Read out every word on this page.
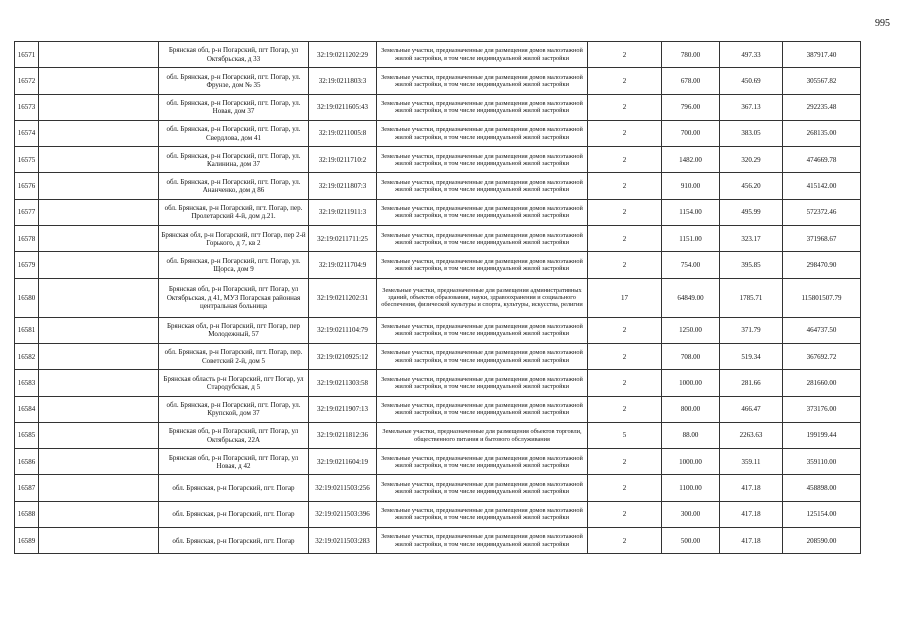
995
16571		Брянская обл, р-н Погарский, пгт Погар, ул Октябрьская, д 33	32:19:0211202:29	Земельные участки, предназначенные для размещения домов малоэтажной жилой застройки, в том числе индивидуальной жилой застройки	2	780.00	497.33	387917.40
16572		обл. Брянская, р-н Погарский, пгт. Погар, ул. Фрунзе, дом № 35	32:19:0211803:3	Земельные участки, предназначенные для размещения домов малоэтажной жилой застройки, в том числе индивидуальной жилой застройки	2	678.00	450.69	305567.82
16573		обл. Брянская, р-н Погарский, пгт. Погар, ул. Новая, дом 37	32:19:0211605:43	Земельные участки, предназначенные для размещения домов малоэтажной жилой застройки, в том числе индивидуальной жилой застройки	2	796.00	367.13	292235.48
16574		обл. Брянская, р-н Погарский, пгт. Погар, ул. Свердлова, дом 41	32:19:0211005:8	Земельные участки, предназначенные для размещения домов малоэтажной жилой застройки, в том числе индивидуальной жилой застройки	2	700.00	383.05	268135.00
16575		обл. Брянская, р-н Погарский, пгт. Погар, ул. Калинина, дом 37	32:19:0211710:2	Земельные участки, предназначенные для размещения домов малоэтажной жилой застройки, в том числе индивидуальной жилой застройки	2	1482.00	320.29	474669.78
16576		обл. Брянская, р-н Погарский, пгт. Погар, ул. Ананченко, дом д 86	32:19:0211807:3	Земельные участки, предназначенные для размещения домов малоэтажной жилой застройки, в том числе индивидуальной жилой застройки	2	910.00	456.20	415142.00
16577		обл. Брянская, р-н Погарский, пгт. Погар, пер. Пролетарский 4-й, дом д.21.	32:19:0211911:3	Земельные участки, предназначенные для размещения домов малоэтажной жилой застройки, в том числе индивидуальной жилой застройки	2	1154.00	495.99	572372.46
16578		Брянская обл, р-н Погарский, пгт Погар, пер 2-й Горького, д 7, кв 2	32:19:0211711:25	Земельные участки, предназначенные для размещения домов малоэтажной жилой застройки, в том числе индивидуальной жилой застройки	2	1151.00	323.17	371968.67
16579		обл. Брянская, р-н Погарский, пгт. Погар, ул. Щорса, дом 9	32:19:0211704:9	Земельные участки, предназначенные для размещения домов малоэтажной жилой застройки, в том числе индивидуальной жилой застройки	2	754.00	395.85	298470.90
16580		Брянская обл, р-н Погарский, пгт Погар, ул Октябрьская, д 41, МУЗ Погарская районная центральная больница	32:19:0211202:31	Земельные участки, предназначенные для размещения административных зданий, объектов образования, науки, здравоохранения и социального обеспечения, физической культуры и спорта, культуры, искусства, религии	17	64849.00	1785.71	115801507.79
16581		Брянская обл, р-н Погарский, пгт Погар, пер Молодежный, 57	32:19:0211104:79	Земельные участки, предназначенные для размещения домов малоэтажной жилой застройки, в том числе индивидуальной жилой застройки	2	1250.00	371.79	464737.50
16582		обл. Брянская, р-н Погарский, пгт. Погар, пер. Советский 2-й, дом 5	32:19:0210925:12	Земельные участки, предназначенные для размещения домов малоэтажной жилой застройки, в том числе индивидуальной жилой застройки	2	708.00	519.34	367692.72
16583		Брянская область р-н Погарский, пгт Погар, ул Стародубская, д 5	32:19:0211303:58	Земельные участки, предназначенные для размещения домов малоэтажной жилой застройки, в том числе индивидуальной жилой застройки	2	1000.00	281.66	281660.00
16584		обл. Брянская, р-н Погарский, пгт. Погар, ул. Крупской, дом 37	32:19:0211907:13	Земельные участки, предназначенные для размещения домов малоэтажной жилой застройки, в том числе индивидуальной жилой застройки	2	800.00	466.47	373176.00
16585		Брянская обл, р-н Погарский, пгт Погар, ул Октябрьская, 22А	32:19:0211812:36	Земельные участки, предназначенные для размещения объектов торговли, общественного питания и бытового обслуживания	5	88.00	2263.63	199199.44
16586		Брянская обл, р-н Погарский, пгт Погар, ул Новая, д 42	32:19:0211604:19	Земельные участки, предназначенные для размещения домов малоэтажной жилой застройки, в том числе индивидуальной жилой застройки	2	1000.00	359.11	359110.00
16587		обл. Брянская, р-н Погарский, пгт. Погар	32:19:0211503:256	Земельные участки, предназначенные для размещения домов малоэтажной жилой застройки, в том числе индивидуальной жилой застройки	2	1100.00	417.18	458898.00
16588		обл. Брянская, р-н Погарский, пгт. Погар	32:19:0211503:396	Земельные участки, предназначенные для размещения домов малоэтажной жилой застройки, в том числе индивидуальной жилой застройки	2	300.00	417.18	125154.00
16589		обл. Брянская, р-н Погарский, пгт. Погар	32:19:0211503:283	Земельные участки, предназначенные для размещения домов малоэтажной жилой застройки, в том числе индивидуальной жилой застройки	2	500.00	417.18	208590.00
